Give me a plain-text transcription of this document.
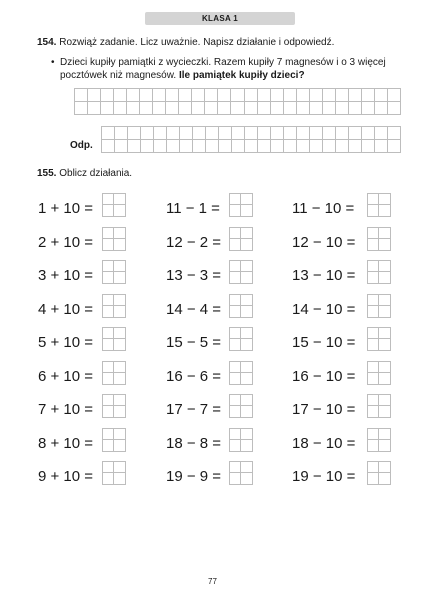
KLASA 1
154. Rozwiąż zadanie. Licz uważnie. Napisz działanie i odpowiedź.
• Dzieci kupiły pamiątki z wycieczki. Razem kupiły 7 magnesów i o 3 więcej pocztówek niż magnesów. Ile pamiątek kupiły dzieci?
Odp.
155. Oblicz działania.
1 + 10 =
2 + 10 =
3 + 10 =
4 + 10 =
5 + 10 =
6 + 10 =
7 + 10 =
8 + 10 =
9 + 10 =
11 − 1 =
12 − 2 =
13 − 3 =
14 − 4 =
15 − 5 =
16 − 6 =
17 − 7 =
18 − 8 =
19 − 9 =
11 − 10 =
12 − 10 =
13 − 10 =
14 − 10 =
15 − 10 =
16 − 10 =
17 − 10 =
18 − 10 =
19 − 10 =
77
